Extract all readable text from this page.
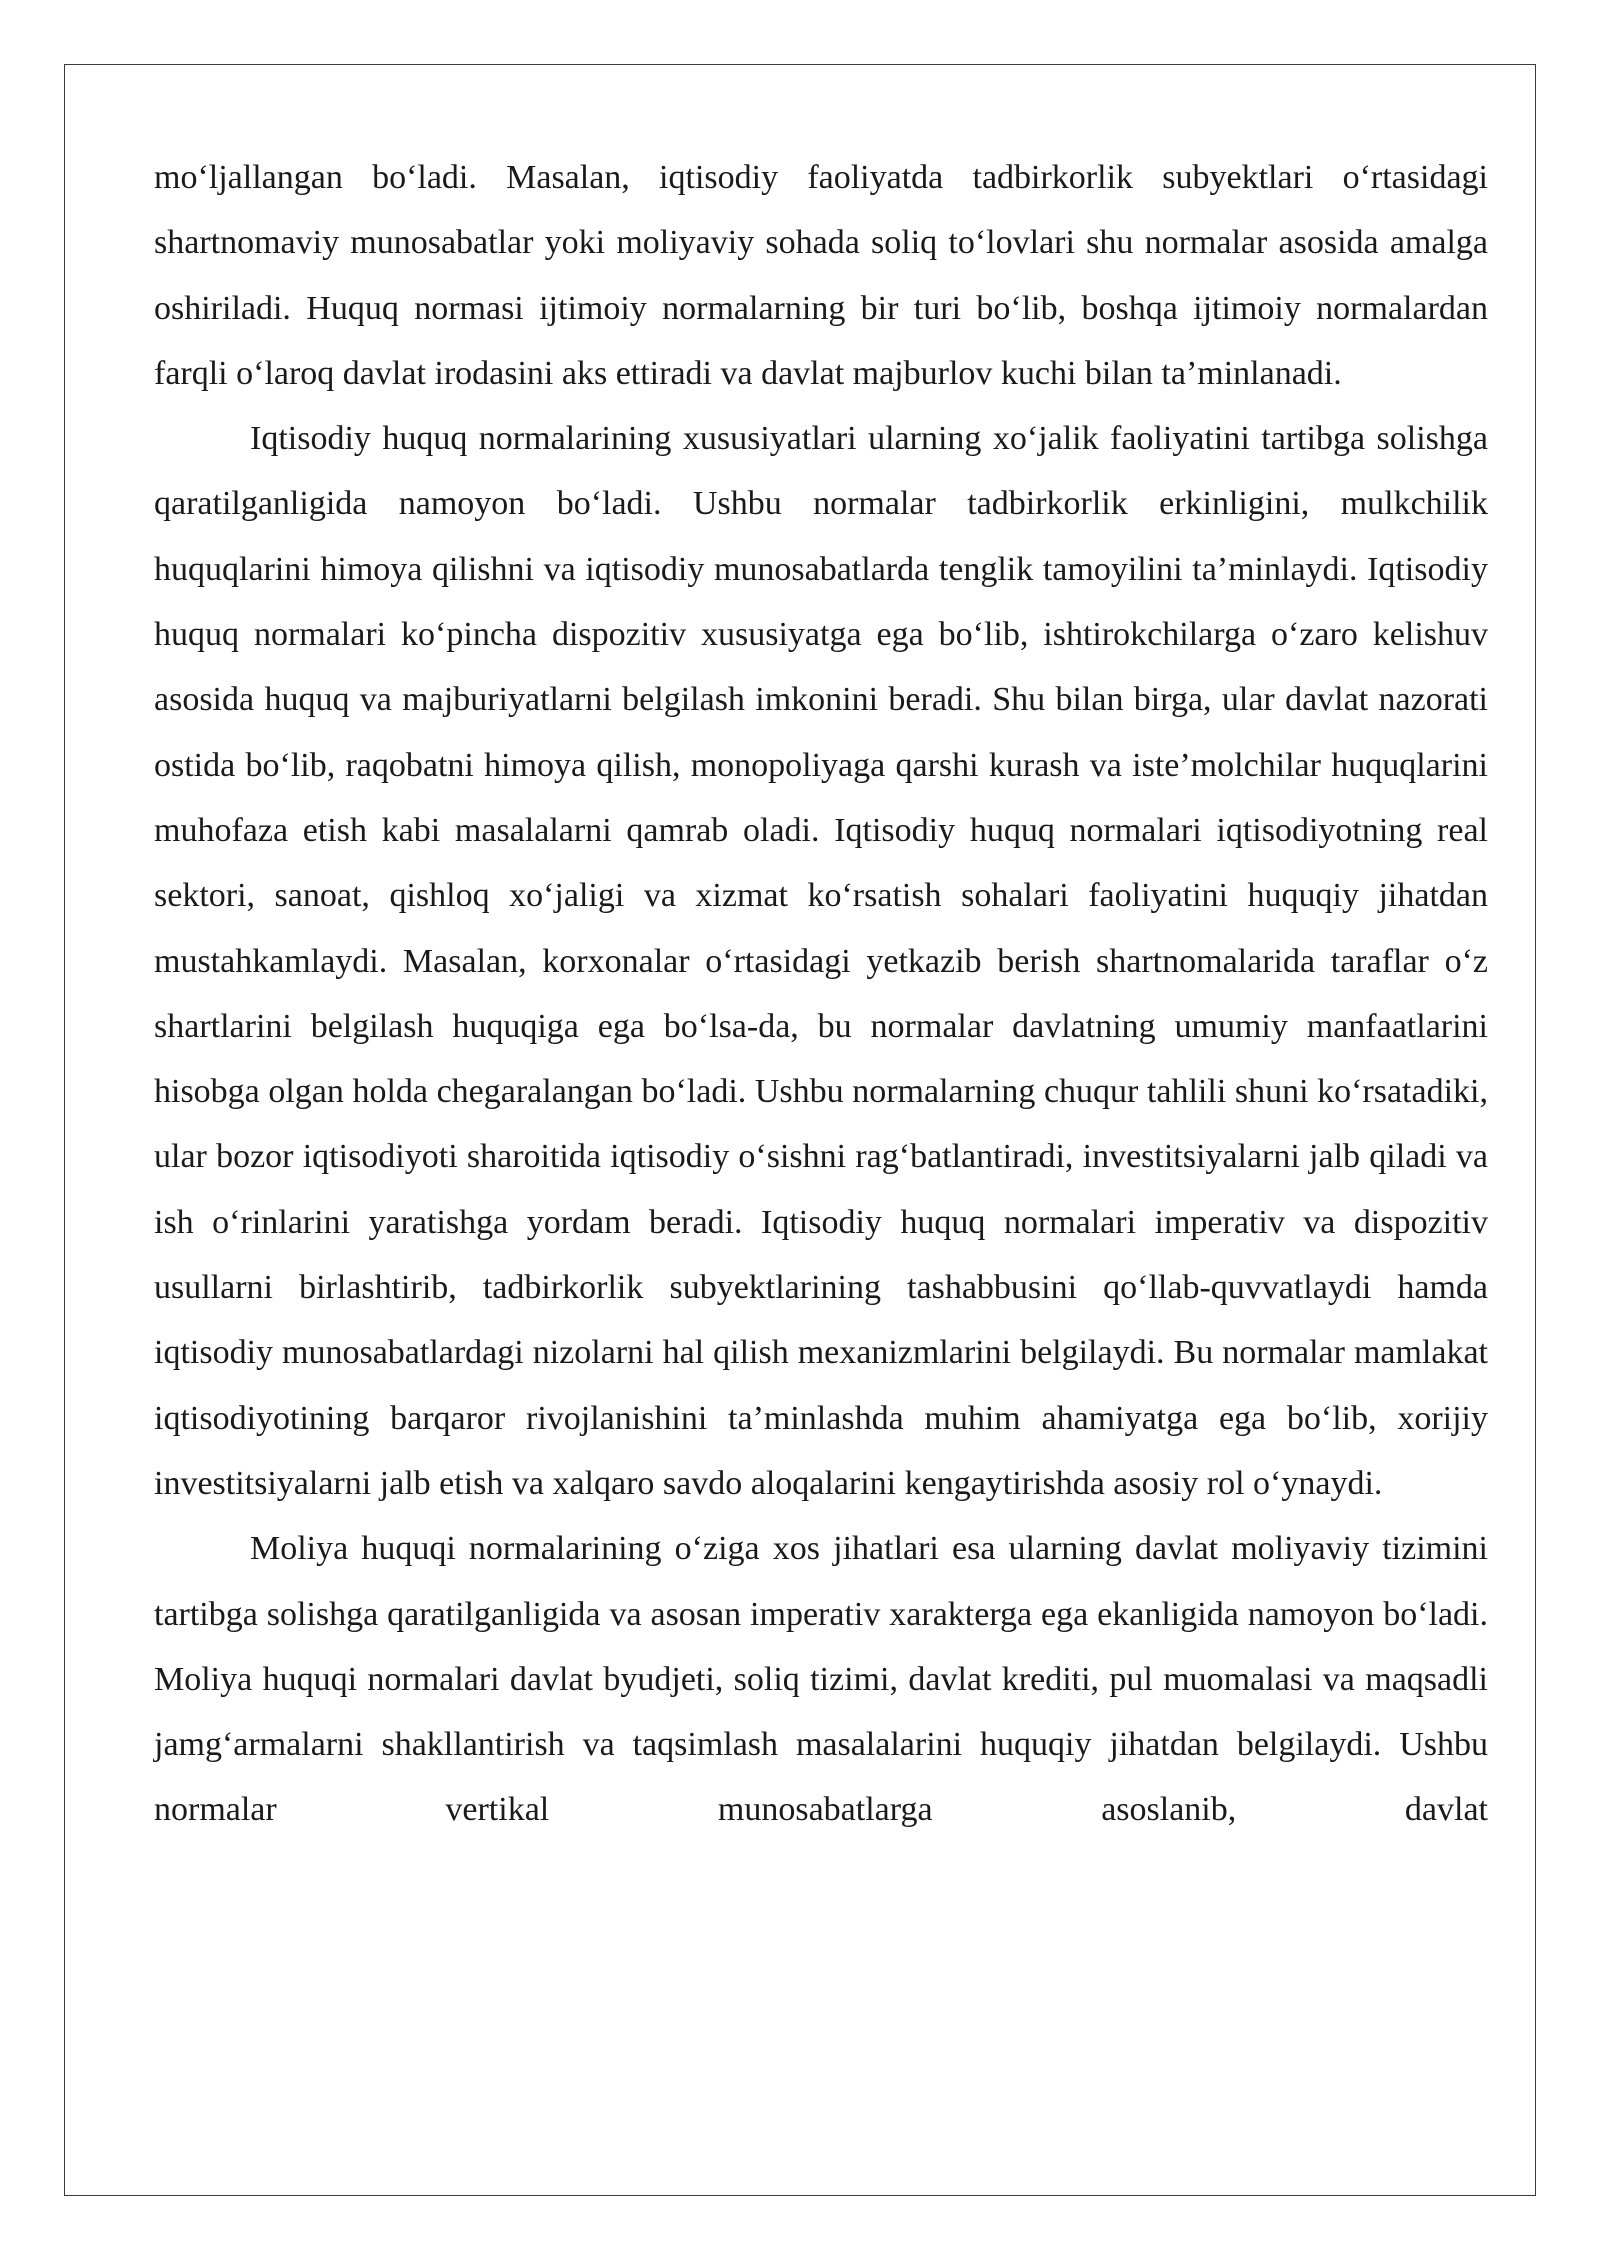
mo‘ljallangan bo‘ladi. Masalan, iqtisodiy faoliyatda tadbirkorlik subyektlari o‘rtasidagi shartnomaviy munosabatlar yoki moliyaviy sohada soliq to‘lovlari shu normalar asosida amalga oshiriladi. Huquq normasi ijtimoiy normalarning bir turi bo‘lib, boshqa ijtimoiy normalardan farqli o‘laroq davlat irodasini aks ettiradi va davlat majburlov kuchi bilan ta’minlanadi.

Iqtisodiy huquq normalarining xususiyatlari ularning xo‘jalik faoliyatini tartibga solishga qaratilganligida namoyon bo‘ladi. Ushbu normalar tadbirkorlik erkinligini, mulkchilik huquqlarini himoya qilishni va iqtisodiy munosabatlarda tenglik tamoyilini ta’minlaydi. Iqtisodiy huquq normalari ko‘pincha dispozitiv xususiyatga ega bo‘lib, ishtirokchilarga o‘zaro kelishuv asosida huquq va majburiyatlarni belgilash imkonini beradi. Shu bilan birga, ular davlat nazorati ostida bo‘lib, raqobatni himoya qilish, monopoliyaga qarshi kurash va iste’molchilar huquqlarini muhofaza etish kabi masalalarni qamrab oladi. Iqtisodiy huquq normalari iqtisodiyotning real sektori, sanoat, qishloq xo‘jaligi va xizmat ko‘rsatish sohalari faoliyatini huquqiy jihatdan mustahkamlaydi. Masalan, korxonalar o‘rtasidagi yetkazib berish shartnomalarida taraflar o‘z shartlarini belgilash huquqiga ega bo‘lsa-da, bu normalar davlatning umumiy manfaatlarini hisobga olgan holda chegaralangan bo‘ladi. Ushbu normalarning chuqur tahlili shuni ko‘rsatadiki, ular bozor iqtisodiyoti sharoitida iqtisodiy o‘sishni rag‘batlantiradi, investitsiyalarni jalb qiladi va ish o‘rinlarini yaratishga yordam beradi. Iqtisodiy huquq normalari imperativ va dispozitiv usullarni birlashtirib, tadbirkorlik subyektlarining tashabbusini qo‘llab-quvvatlaydi hamda iqtisodiy munosabatlardagi nizolarni hal qilish mexanizmlarini belgilaydi. Bu normalar mamlakat iqtisodiyotining barqaror rivojlanishini ta’minlashda muhim ahamiyatga ega bo‘lib, xorijiy investitsiyalarni jalb etish va xalqaro savdo aloqalarini kengaytirishda asosiy rol o‘ynaydi.

Moliya huquqi normalarining o‘ziga xos jihatlari esa ularning davlat moliyaviy tizimini tartibga solishga qaratilganligida va asosan imperativ xarakterga ega ekanligida namoyon bo‘ladi. Moliya huquqi normalari davlat byudjeti, soliq tizimi, davlat krediti, pul muomalasi va maqsadli jamg‘armalarni shakllantirish va taqsimlash masalalarini huquqiy jihatdan belgilaydi. Ushbu normalar vertikal munosabatlarga asoslanib, davlat
